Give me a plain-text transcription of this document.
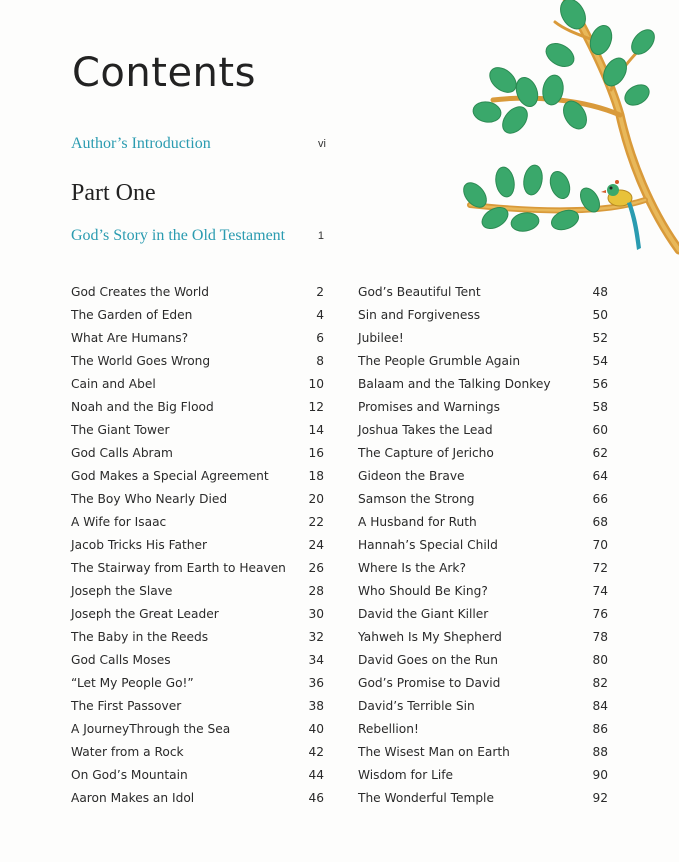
Contents
Author’s Introduction	vi
Part One
God’s Story in the Old Testament	1
God Creates the World	2
The Garden of Eden	4
What Are Humans?	6
The World Goes Wrong	8
Cain and Abel	10
Noah and the Big Flood	12
The Giant Tower	14
God Calls Abram	16
God Makes a Special Agreement	18
The Boy Who Nearly Died	20
A Wife for Isaac	22
Jacob Tricks His Father	24
The Stairway from Earth to Heaven 26
Joseph the Slave	28
Joseph the Great Leader	30
The Baby in the Reeds	32
God Calls Moses	34
“Let My People Go!”	36
The First Passover	38
A JourneyThrough the Sea	40
Water from a Rock	42
On God’s Mountain	44
Aaron Makes an Idol	46
God’s Beautiful Tent	48
Sin and Forgiveness	50
Jubilee!	52
The People Grumble Again	54
Balaam and the Talking Donkey	56
Promises and Warnings	58
Joshua Takes the Lead	60
The Capture of Jericho	62
Gideon the Brave	64
Samson the Strong	66
A Husband for Ruth	68
Hannah’s Special Child	70
Where Is the Ark?	72
Who Should Be King?	74
David the Giant Killer	76
Yahweh Is My Shepherd	78
David Goes on the Run	80
God’s Promise to David	82
David’s Terrible Sin	84
Rebellion!	86
The Wisest Man on Earth	88
Wisdom for Life	90
The Wonderful Temple	92
